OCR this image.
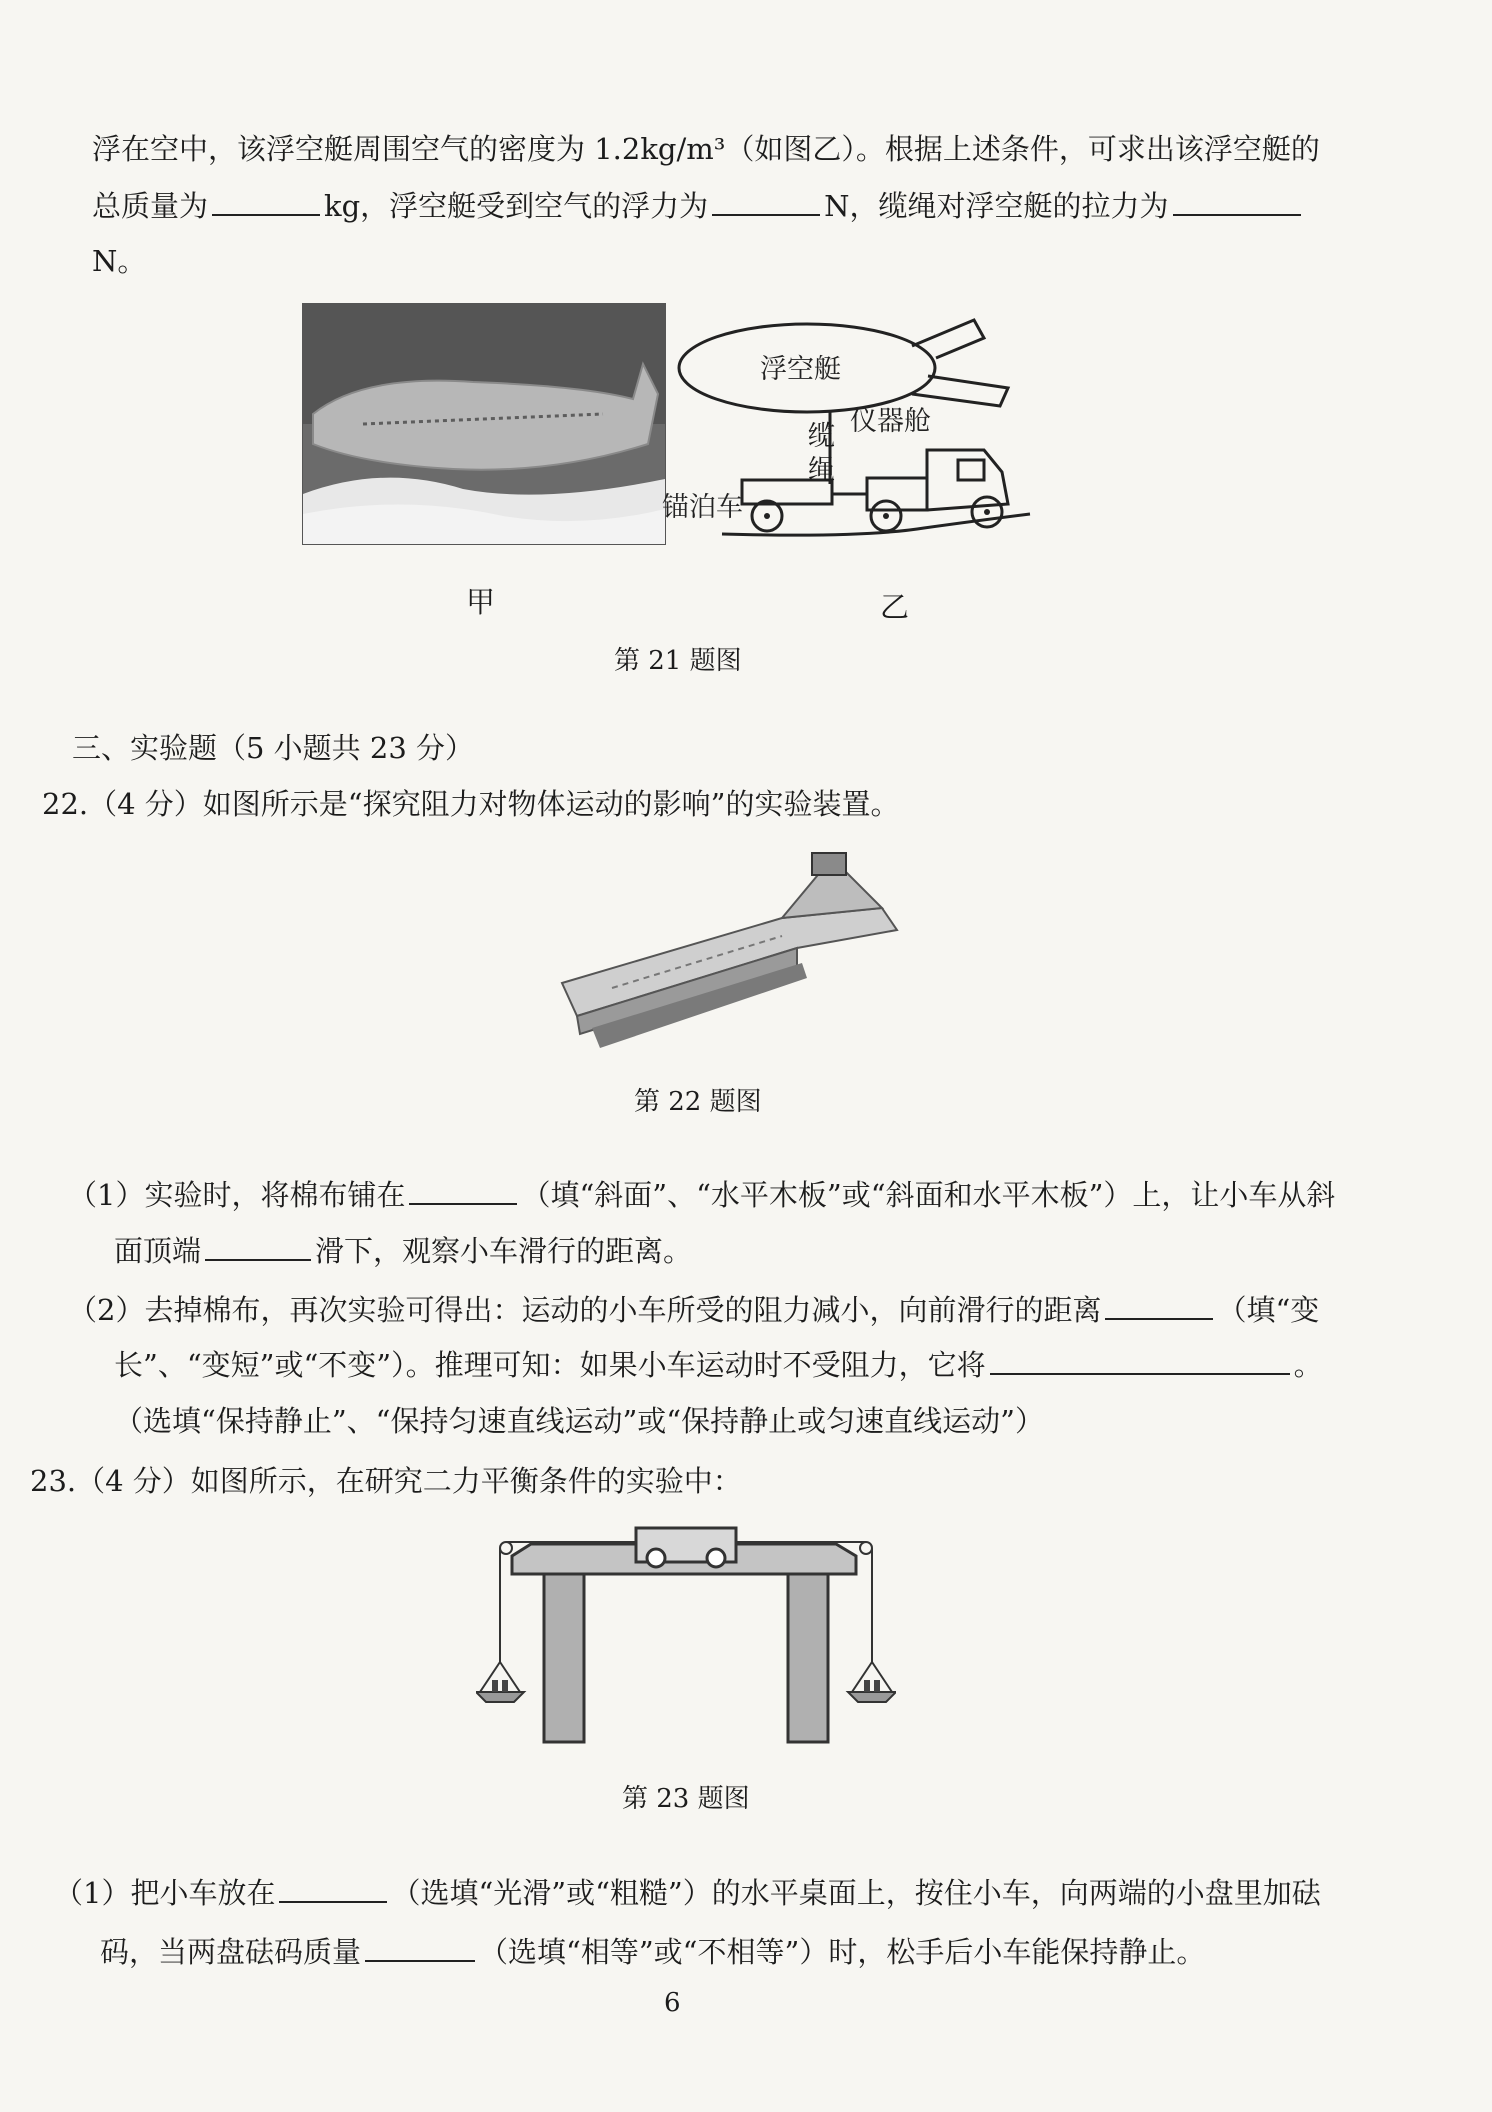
浮在空中，该浮空艇周围空气的密度为 1.2kg/m³（如图乙）。根据上述条件，可求出该浮空艇的
总质量为	kg，浮空艇受到空气的浮力为	N，缆绳对浮空艇的拉力为
N。
浮空艇
仪器舱
锚泊车
缆绳
甲	乙
第 21 题图
三、实验题（5 小题共 23 分）
22.（4 分）如图所示是“探究阻力对物体运动的影响”的实验装置。
第 22 题图
（1）实验时，将棉布铺在	（填“斜面”、“水平木板”或“斜面和水平木板”）上，让小车从斜
面顶端	滑下，观察小车滑行的距离。
（2）去掉棉布，再次实验可得出：运动的小车所受的阻力减小，向前滑行的距离	（填“变
长”、“变短”或“不变”）。推理可知：如果小车运动时不受阻力，它将	。
（选填“保持静止”、“保持匀速直线运动”或“保持静止或匀速直线运动”）
23.（4 分）如图所示，在研究二力平衡条件的实验中：
第 23 题图
（1）把小车放在	（选填“光滑”或“粗糙”）的水平桌面上，按住小车，向两端的小盘里加砝
码，当两盘砝码质量	（选填“相等”或“不相等”）时，松手后小车能保持静止。
6
